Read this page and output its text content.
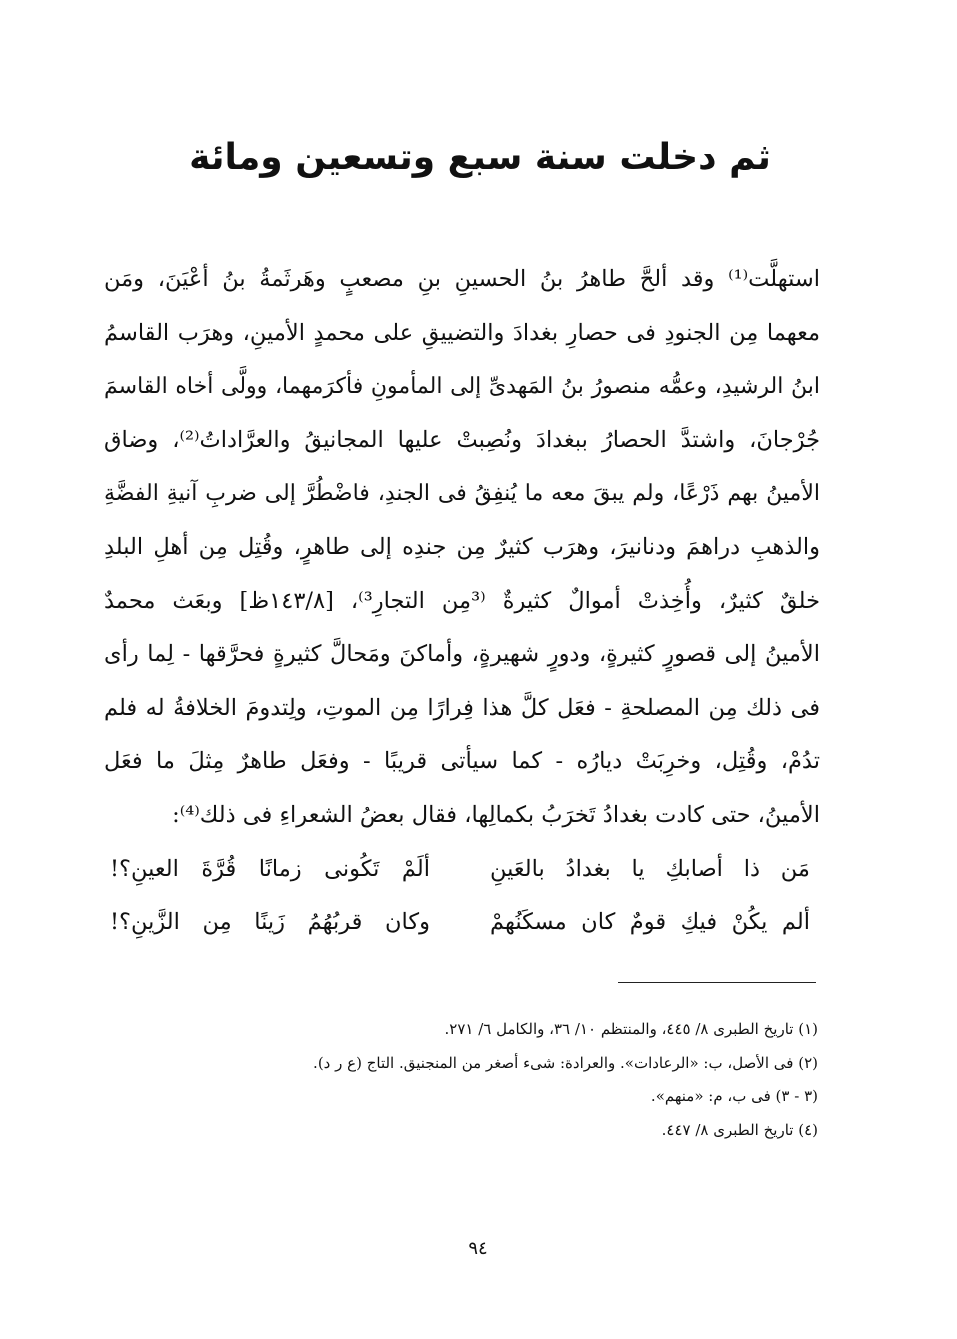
ثم دخلت سنة سبع وتسعين ومائة
استهلَّت⁽¹⁾ وقد ألحَّ طاهرُ بنُ الحسينِ بنِ مصعبٍ وهَرثَمةُ بنُ أعْيَنَ، ومَن
معهما مِن الجنودِ فى حصارِ بغدادَ والتضييقِ على محمدٍ الأمينِ، وهرَب القاسمُ
ابنُ الرشيدِ، وعمُّه منصورُ بنُ المَهدىِّ إلى المأمونِ فأكرَمهما، وولَّى أخاه القاسمَ
جُرْجانَ، واشتدَّ الحصارُ ببغدادَ ونُصِبتْ عليها المجانيقُ والعرَّاداتُ⁽²⁾، وضاق
الأمينُ بهم ذَرْعًا، ولم يبقَ معه ما يُنفِقُ فى الجندِ، فاضْطُرَّ إلى ضربِ آنيةِ الفضَّةِ
والذهبِ دراهمَ ودنانيرَ، وهرَب كثيرٌ مِن جندِه إلى طاهرٍ، وقُتِل مِن أهلِ البلدِ
خلقٌ كثيرٌ، وأُخِذتْ أموالٌ كثيرةٌ ⁽³مِن التجارِ³⁾، [١٤٣/٨ظ] وبعَث محمدٌ
الأمينُ إلى قصورٍ كثيرةٍ، ودورٍ شهيرةٍ، وأماكنَ ومَحالَّ كثيرةٍ فحرَّقها - لِما رأى
فى ذلك مِن المصلحةِ - فعَل كلَّ هذا فِرارًا مِن الموتِ، ولِتدومَ الخلافةُ له فلم
تدُمْ، وقُتِل، وخرِبَتْ ديارُه - كما سيأتى قريبًا - وفعَل طاهرٌ مِثلَ ما فعَل
الأمينُ، حتى كادت بغدادُ تَخرَبُ بكمالِها، فقال بعضُ الشعراءِ فى ذلك⁽⁴⁾:
مَن ذا أصابكِ يا بغدادُ بالعَينِ
ألَمْ تَكُونى زمانًا قُرَّةَ العينِ؟!
ألم يكُنْ فيكِ قومٌ كان مسكَنُهمْ
وكان قربُهُمُ زَينًا مِن الزَّينِ؟!
(١) تاريخ الطبرى ٨/ ٤٤٥، والمنتظم ١٠/ ٣٦، والكامل ٦/ ٢٧١.
(٢) فى الأصل، ب: «الرعادات». والعرادة: شىء أصغر من المنجنيق. التاج (ع ر د).
(٣ - ٣) فى ب، م: «منهم».
(٤) تاريخ الطبرى ٨/ ٤٤٧.
٩٤
